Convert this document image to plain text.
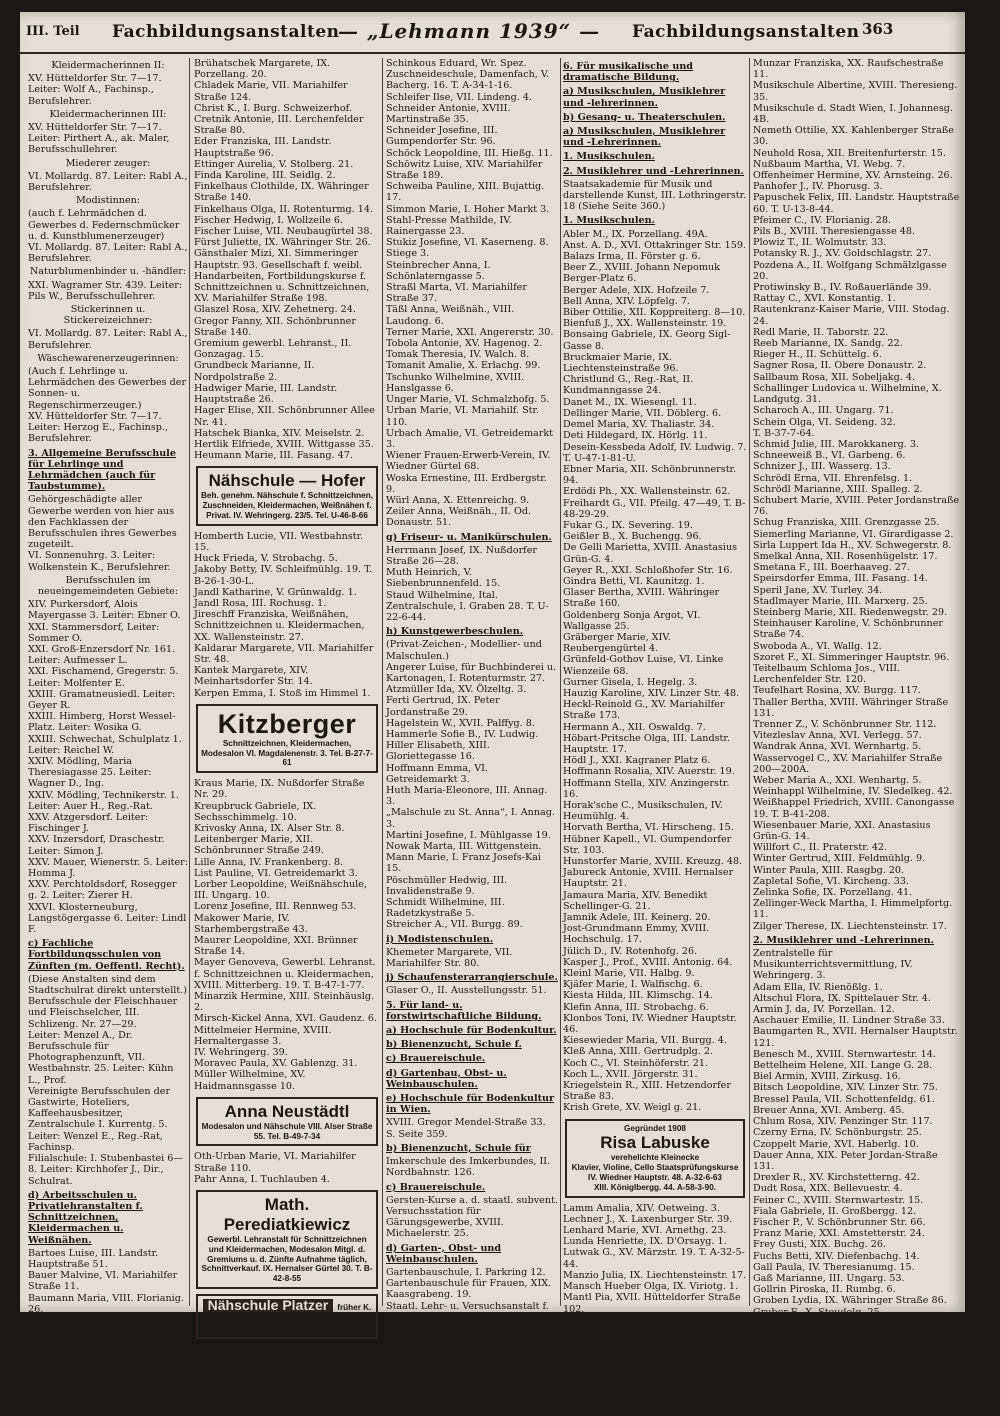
III. Teil Fachbildungsanstalten
— „Lehmann 1939“ — Fachbildungsanstalten 363

Kleidermacherinnen II:

XV. Hütteldorfer Str. 7—17. Leiter: Wolf A., Fachinsp., Berufslehrer.

Kleidermacherinnen III:

XV. Hütteldorfer Str. 7—17. Leiter: Pirthert A., ak. Maler, Berufsschullehrer.

Miederer zeuger:

VI. Mollardg. 87. Leiter: Rabl A., Berufslehrer.

Modistinnen:

(auch f. Lehrmädchen d. Gewerbes d. Federnschmücker u. d. Kunstblumenerzeuger)

VI. Mollardg. 87. Leiter: Rabl A., Berufslehrer.

Naturblumenbinder u. -händler:

XXI. Wagramer Str. 439. Leiter: Pils W., Berufsschullehrer.

Stickerinnen u. Stickereizeichner:

VI. Mollardg. 87. Leiter: Rabl A., Berufslehrer.

Wäschewarenerzeugerinnen:

(Auch f. Lehrlinge u. Lehrmädchen des Gewerbes der Sonnen- u. Regenschirmerzeuger.)

XV. Hütteldorfer Str. 7—17. Leiter: Herzog E., Fachinsp., Berufslehrer.

3. Allgemeine Berufsschule für Lehrlinge und Lehrmädchen (auch für Taubstumme).

Gehörgeschädigte aller Gewerbe werden von hier aus den Fachklassen der Berufsschulen ihres Gewerbes zugeteilt.

VI. Sonnenuhrg. 3. Leiter: Wolkenstein K., Berufslehrer.

Berufsschulen im neueingemeindeten Gebiete:

XIV. Purkersdorf, Alois Mayergasse 3. Leiter: Ebner O.

XXI. Stammersdorf, Leiter: Sommer O.

XXI. Groß-Enzersdorf Nr. 161. Leiter: Aufmesser L.

XXI. Fischamend, Gregerstr. 5. Leiter: Molfenter E.

XXIII. Gramatneusiedl. Leiter: Geyer R.

XXIII. Himberg, Horst Wessel-Platz. Leiter: Wosika G.

XXIII. Schwechat, Schulplatz 1. Leiter: Reichel W.

XXIV. Mödling, Maria Theresiagasse 25. Leiter: Wagner D., Ing.

XXIV. Mödling, Technikerstr. 1. Leiter: Auer H., Reg.-Rat.

XXV. Atzgersdorf. Leiter: Fischinger J.

XXV. Inzersdorf, Draschestr. Leiter: Simon J.

XXV. Mauer, Wienerstr. 5. Leiter: Homma J.

XXV. Perchtoldsdorf, Rosegger g. 2. Leiter: Zierer H.

XXVI. Klosterneuburg, Langstögergasse 6. Leiter: Lindl F.

c) Fachliche Fortbildungsschulen von Zünften (m. Oeffentl. Recht).

(Diese Anstalten sind dem Stadtschulrat direkt unterstellt.)

Berufsschule der Fleischhauer und Fleischselcher, III. Schlizeng. Nr. 27—29.

Leiter: Menzel A., Dr.

Berufsschule für Photographenzunft, VII. Westbahnstr. 25. Leiter: Kühn L., Prof.

Vereinigte Berufsschulen der Gastwirte, Hoteliers, Kaffeehausbesitzer, Zentralschule I. Kurrentg. 5. Leiter: Wenzel E., Reg.-Rat, Fachinsp.

Filialschule: I. Stubenbastei 6—8. Leiter: Kirchhofer J., Dir., Schulrat.

d) Arbeitsschulen u. Privatlehranstalten f. Schnittzeichnen, Kleidermachen u. Weißnähen.

Bartoes Luise, III. Landstr. Hauptstraße 51.

Bauer Malvine, VI. Mariahilfer Straße 11.

Baumann Maria, VIII. Florianig. 26.

Binder Therese, III. Landstr. Hauptstraße 21.

Birnstingl Luise, VI. Linke Wienzeile 4.

Bittner Marianne, IV. Wiedner Hauptstr. 41.

Brenner Emilie, III. Fasang. 53.

Brosch Marie, XIV. Märzstraße 106.

Brühatschek Margarete, IX. Porzellang. 20.

Chladek Marie, VII. Mariahilfer Straße 124.

Christ K., I. Burg. Schweizerhof.

Cretnik Antonie, III. Lerchenfelder Straße 80.

Eder Franziska, III. Landstr. Hauptstraße 96.

Ettinger Aurelia, V. Stolberg. 21.

Finda Karoline, III. Seidlg. 2.

Finkelhaus Clothilde, IX. Währinger Straße 140.

Finkelhaus Olga, II. Rotenturmg. 14.

Fischer Hedwig, I. Wollzeile 6.

Fischer Luise, VII. Neubaugürtel 38.

Fürst Juliette, IX. Währinger Str. 26.

Gänsthaler Mizi, XI. Simmeringer Hauptstr. 93. Gesellschaft f. weibl. Handarbeiten, Fortbildungskurse f. Schnittzeichnen u. Schnittzeichnen, XV. Mariahilfer Straße 198.

Glaszel Rosa, XIV. Zehetnerg. 24.

Gregor Fanny, XII. Schönbrunner Straße 140.

Gremium gewerbl. Lehranst., II. Gonzagag. 15.

Grundbeck Marianne, II. Nordpolstraße 2.

Hadwiger Marie, III. Landstr. Hauptstraße 26.

Hager Elise, XII. Schönbrunner Allee Nr. 41.

Hatschek Bianka, XIV. Meiselstr. 2.

Hertlik Elfriede, XVIII. Wittgasse 35.

Heumann Marie, III. Fasang. 47.

Nähschule — Hofer
Beh. genehm. Nähschule f. Schnittzeichnen, Zuschneiden, Kleidermachen, Weißnähen f. Privat. IV. Wehringerg. 23/5. Tel. U-46-8-66

Homberth Lucie, VII. Westbahnstr. 15.

Huck Frieda, V. Strobachg. 5.

Jakoby Betty, IV. Schleifmühlg. 19. T. B-26-1-30-L.

Jandl Katharine, V. Grünwaldg. 1.

Jandl Rosa, III. Rochusg. 1.

Jireschff Franziska, Weißnähen, Schnittzeichnen u. Kleidermachen, XX. Wallensteinstr. 27.

Kaldarar Margarete, VII. Mariahilfer Str. 48.

Kantek Margarete, XIV. Meinhartsdorfer Str. 14.

Kerpen Emma, I. Stoß im Himmel 1.

Kitzberger
Schnittzeichnen, Kleidermachen, Modesalon VI. Magdalenenstr. 3. Tel. B-27-7-61

Kraus Marie, IX. Nußdorfer Straße Nr. 29.

Kreupbruck Gabriele, IX. Sechsschimmelg. 10.

Krivosky Anna, IX. Alser Str. 8.

Leitenberger Marie, XII. Schönbrunner Straße 249.

Lille Anna, IV. Frankenberg. 8.

List Pauline, VI. Getreidemarkt 3.

Lorber Leopoldine, Weißnähschule, III. Ungarg. 10.

Lorenz Josefine, III. Rennweg 53.

Makower Marie, IV. Starhembergstraße 43.

Maurer Leopoldine, XXI. Brünner Straße 14.

Mayer Genoveva, Gewerbl. Lehranst. f. Schnittzeichnen u. Kleidermachen, XVIII. Mitterberg. 19. T. B-47-1-77.

Minarzik Hermine, XIII. Steinhäuslg. 2.

Mirsch-Kickel Anna, XVI. Gaudenz. 6.

Mittelmeier Hermine, XVIII. Hernaltergasse 3.

IV. Wehringerg. 39.

Moravec Paula, XV. Gablenzg. 31.

Müller Wilhelmine, XV. Haidmannsgasse 10.

Anna Neustädtl
Modesalon und Nähschule VIII. Alser Straße 55. Tel. B-49-7-34

Oth-Urban Marie, VI. Mariahilfer Straße 110.

Pahr Anna, I. Tuchlauben 4.

Math. Perediatkiewicz
Gewerbl. Lehranstalt für Schnittzeichnen und Kleidermachen, Modesalon Mitgl. d. Gremiums u. d. Zünfte Aufnahme täglich, Schnittverkauf. IX. Hernalser Gürtel 30. T. B-42-8-55
Nähschule Platzer früher K. Muscheck
IX. Sechsschimmelg. 7. Tür 11 u. 13

Riedl Mizi, XIII. Nisselg. 8.

Salomon Mathilde, XVIII. Ladenburggasse 48.

Scheichenbauer Franzi, VII. Schottenfeld. 75A.

Schinkous Eduard, Wr. Spez. Zuschneideschule, Damenfach, V. Bacherg. 16. T. A-34-1-16.

Schleifer Ilse, VII. Lindeng. 4.

Schneider Antonie, XVIII. Martinstraße 35.

Schneider Josefine, III. Gumpendorfer Str. 96.

Schöck Leopoldine, III. Hießg. 11.

Schöwitz Luise, XIV. Mariahilfer Straße 189.

Schweiba Pauline, XIII. Bujattig. 17.

Simmon Marie, I. Hoher Markt 3.

Stahl-Presse Mathilde, IV. Rainergasse 23.

Stukiz Josefine, VI. Kaserneng. 8.

Stiege 3.

Steinbrecher Anna, I. Schönlaterngasse 5.

Straßl Marta, VI. Mariahilfer Straße 37.

Täßl Anna, Weißnäh., VIII. Laudong. 6.

Terner Marie, XXI. Angererstr. 30.

Tobola Antonie, XV. Hagenog. 2.

Tomak Theresia, IV. Walch. 8.

Tomanit Amalie, X. Erlachg. 99.

Tschunko Wilhelmine, XVIII. Hanslgasse 6.

Unger Marie, VI. Schmalzhofg. 5.

Urban Marie, VI. Mariahilf. Str. 110.

Urbach Amalie, VI. Getreidemarkt 3.

Wiener Frauen-Erwerb-Verein, IV. Wiedner Gürtel 68.

Woska Ernestine, III. Erdbergstr. 9.

Würl Anna, X. Ettenreichg. 9.

Zeiler Anna, Weißnäh., II. Od. Donaustr. 51.

g) Friseur- u. Manikürschulen.

Herrmann Josef, IX. Nußdorfer Straße 26—28.

Muth Heinrich, V. Siebenbrunnenfeld. 15.

Staud Wilhelmine, Ital. Zentralschule, I. Graben 28. T. U-22-6-44.

h) Kunstgewerbeschulen.

(Privat-Zeichen-, Modellier- und Malschulen.)

Angerer Luise, für Buchbinderei u. Kartonagen, I. Rotenturmstr. 27.

Atzmüller Ida, XV. Ölzeltg. 3.

Ferti Gertrud, IX. Peter Jordanstraße 29.

Hagelstein W., XVII. Palffyg. 8.

Hammerle Sofie B., IV. Ludwig.

Hiller Elisabeth, XIII. Gloriettegasse 16.

Hoffmann Emma, VI. Getreidemarkt 3.

Huth Maria-Eleonore, III. Annag. 3.

„Malschule zu St. Anna“, I. Annag. 3.

Martini Josefine, I. Mühlgasse 19.

Nowak Marta, III. Wittgenstein.

Mann Marie, I. Franz Josefs-Kai 15.

Pöschmüller Hedwig, III. Invalidenstraße 9.

Schmidt Wilhelmine, III. Radetzkystraße 5.

Streicher A., VII. Burgg. 89.

i) Modistenschulen.

Khemeter Margarete, VII. Mariahilfer Str. 80.

j) Schaufensterarrangierschule.

Glaser O., II. Ausstellungsstr. 51.

5. Für land- u. forstwirtschaftliche Bildung.

a) Hochschule für Bodenkultur.

b) Bienenzucht, Schule f.

c) Brauereischule.

d) Gartenbau, Obst- u. Weinbauschulen.

e) Hochschule für Bodenkultur in Wien.

XVIII. Gregor Mendel-Straße 33.

S. Seite 359.

b) Bienenzucht, Schule für

Imkerschule des Imkerbundes, II. Nordbahnstr. 126.

c) Brauereischule.

Gersten-Kurse a. d. staatl. subvent. Versuchsstation für Gärungsgewerbe, XVIII. Michaelerstr. 25.

d) Garten-, Obst- und Weinbauschulen.

Gartenbauschule, I. Parkring 12.

Gartenbauschule für Frauen, XIX. Kaasgrabeng. 19.

Staatl. Lehr- u. Versuchsanstalt f. Gartenbau, XII. Hetzendorfer Str. 79.

6. Für musikalische und dramatische Bildung.

a) Musikschulen, Musiklehrer und -lehrerinnen.

b) Gesang- u. Theaterschulen.

a) Musikschulen, Musiklehrer und -Lehrerinnen.

1. Musikschulen.

2. Musiklehrer und -Lehrerinnen.

Staatsakademie für Musik und darstellende Kunst, III. Lothringerstr. 18 (Siehe Seite 360.)

1. Musikschulen.

Abler M., IX. Porzellang. 49A.

Anst. A. D., XVI. Ottakringer Str. 159.

Balazs Irma, II. Förster g. 6.

Beer Z., XVIII. Johann Nepomuk Berger-Platz 6.

Berger Adele, XIX. Hofzeile 7.

Bell Anna, XIV. Löpfelg. 7.

Biber Ottilie, XII. Koppreiterg. 8—10.

Bienfuß J., XX. Wallensteinstr. 19.

Bonsaing Gabriele, IX. Georg Sigl-Gasse 8.

Bruckmaier Marie, IX. Liechtensteinstraße 96.

Christlund G., Reg.-Rat, II. Kundmanngasse 24.

Danet M., IX. Wiesengl. 11.

Dellinger Marie, VII. Döblerg. 6.

Demel Maria, XV. Thaliastr. 34.

Deti Hildegard, IX. Hörlg. 11.

Desein-Kessbeda Adolf, IV. Ludwig. 7. T. U-47-1-81-U.

Ebner Maria, XII. Schönbrunnerstr. 94.

Erdödi Ph., XX. Wallensteinstr. 62.

Freihardt G., VII. Pfeilg. 47—49, T. B-48-29-29.

Fukar G., IX. Severing. 19.

Geißler B., X. Buchengg. 96.

De Gelli Marietta, XVIII. Anastasius Grün-G. 4.

Geyer R., XXI. Schloßhofer Str. 16.

Gindra Betti, VI. Kaunitzg. 1.

Glaser Bertha, XVIII. Währinger Straße 160.

Goldenberg Sonja Argot, VI. Wallgasse 25.

Gräberger Marie, XIV. Reubergengürtel 4.

Grünfeld-Gothov Luise, VI. Linke Wienzeile 68.

Gurner Gisela, I. Hegelg. 3.

Hauzig Karoline, XIV. Linzer Str. 48.

Heckl-Reinold G., XV. Mariahilfer Straße 173.

Hermann A., XII. Oswaldg. 7.

Höbart-Pritsche Olga, III. Landstr. Hauptstr. 17.

Hödl J., XXI. Kagraner Platz 6.

Hoffmann Rosalia, XIV. Auerstr. 19.

Hoffmann Stella, XIV. Anzingerstr. 16.

Horak'sche C., Musikschulen, IV. Heumühlg. 4.

Horvath Bertha, VI. Hirscheng. 15.

Hübner Kapell., VI. Gumpendorfer Str. 103.

Hunstorfer Marie, XVIII. Kreuzg. 48.

Jabureck Antonie, XVIII. Hernalser Hauptstr. 21.

Jamaura Maria, XIV. Benedikt Schellinger-G. 21.

Jamnik Adele, III. Keinerg. 20.

Jost-Grundmann Emmy, XVIII. Hochschulg. 17.

Jülich D., IV. Rotenhofg. 26.

Kasper J., Prof., XVIII. Antonig. 64.

Kleinl Marie, VII. Halbg. 9.

Kjäfer Marie, I. Walfischg. 6.

Kiesta Hilda, III. Klimschg. 14.

Klefin Anna, III. Strobachg. 6.

Klonbos Toni, IV. Wiedner Hauptstr. 46.

Kiesewieder Maria, VII. Burgg. 4.

Kleß Anna, XIII. Gertrudplg. 2.

Koch C., VI. Steinhöferstr. 21.

Koch L., XVII. Jörgerstr. 31.

Kriegelstein R., XIII. Hetzendorfer Straße 83.

Krish Grete, XV. Weigl g. 21.

Gegründet 1908
Risa Labuske
verehelichte Kleinecke
Klavier, Violine, Cello Staatsprüfungskurse
IV. Wiedner Hauptstr. 48. A-32-6-63
XIII. Königlbergg. 44. A-58-3-90.

Lamm Amalia, XIV. Oetweing. 3.

Lechner J., X. Laxenburger Str. 39.

Lenhard Marie, XVI. Arnethg. 23.

Lunda Henriette, IX. D'Orsayg. 1.

Lutwak G., XV. Märzstr. 19. T. A-32-5-44.

Manzio Julia, IX. Liechtensteinstr. 17.

Mansch Hueber Olga, IX. Viriotg. 1.

Mantl Pia, XVII. Hütteldorfer Straße 102.

Märzen G., I. Tuchlauben 17.

Marx Antonie, XIII. Altg. 11.

Miloch F., Prof., XX. Raufschestr. 14.

Mojetity Josefine, XIII. Theresiengasse 67.

Mühler Johanna, II. Kundmanng. 34.

Munzar Franziska, XX. Raufschestraße 11.

Musikschule Albertine, XVIII. Theresieng. 35.

Musikschule d. Stadt Wien, I. Johannesg. 4B.

Nemeth Ottilie, XX. Kahlenberger Straße 30.

Neuhold Rosa, XII. Breitenfurterstr. 15.

Nußbaum Martha, VI. Webg. 7.

Offenheimer Hermine, XV. Arnsteing. 26.

Panhofer J., IV. Phorusg. 3.

Papuschek Felix, III. Landstr. Hauptstraße 60. T. U-13-8-44.

Pfeimer C., IV. Florianig. 28.

Pils B., XVIII. Theresiengasse 48.

Plowiz T., II. Wolmutstr. 33.

Potansky R. J., XV. Goldschlagstr. 27.

Pozdena A., II. Wolfgang Schmälzlgasse 20.

Protiwinsky B., IV. Roßauerlände 39.

Rattay C., XVI. Konstantig. 1.

Rautenkranz-Kaiser Marie, VIII. Stodag. 24.

Redl Marie, II. Taborstr. 22.

Reeb Marianne, IX. Sandg. 22.

Rieger H., II. Schüttelg. 6.

Sagner Rosa, II. Obere Donaustr. 2.

Sallbaum Rosa, XII. Sobeljakg. 4.

Schallinger Ludovica u. Wilhelmine, X. Landgutg. 31.

Scharoch A., III. Ungarg. 71.

Schein Olga, VI. Seideng. 32.

T. B-37-7-64.

Schmid Julie, III. Marokkanerg. 3.

Schneeweiß B., VI. Garbeng. 6.

Schnizer J., III. Wasserg. 13.

Schrödl Erna, VII. Ehrenfelsg. 1.

Schrödl Marianne, XIII. Spalleg. 2.

Schubert Marie, XVIII. Peter Jordanstraße 76.

Schug Franziska, XIII. Grenzgasse 25.

Siemerling Marianne, VI. Girardigasse 2.

Sirla Luppert Ida H., XV. Schwegerstr. 8.

Smelkal Anna, XII. Rosenhügelstr. 17.

Smetana F., III. Boerhaaveg. 27.

Speirsdorfer Emma, III. Fasang. 14.

Speril Jane, XV. Turley. 34.

Stadlmayer Marie, III. Marxerg. 25.

Steinberg Marie, XII. Riedenwegstr. 29.

Steinhauser Karoline, V. Schönbrunner Straße 74.

Swoboda A., VI. Wallg. 12.

Szoret F., XI. Simmeringer Hauptstr. 96.

Teitelbaum Schloma Jos., VIII. Lerchenfelder Str. 120.

Teufelhart Rosina, XV. Burgg. 117.

Thaller Bertha, XVIII. Währinger Straße 131.

Trenner Z., V. Schönbrunner Str. 112.

Vitezleslav Anna, XVI. Verlegg. 57.

Wandrak Anna, XVI. Wernhartg. 5.

Wasservogel C., XV. Mariahilfer Straße 200—200A.

Weber Maria A., XXI. Wenhartg. 5.

Weinhappl Wilhelmine, IV. Sledelkeg. 42.

Weißhappel Friedrich, XVIII. Canongasse 19. T. B-41-208.

Wiesenbauer Marie, XXI. Anastasius Grün-G. 14.

Willfort C., II. Praterstr. 42.

Winter Gertrud, XIII. Feldmühlg. 9.

Winter Paula, XIII. Rasgbg. 20.

Zapletal Sofie, VI. Kircheng. 33.

Zelinka Sofie, IX. Porzellang. 41.

Zellinger-Weck Martha, I. Himmelpfortg. 11.

Zilger Therese, IX. Liechtensteinstr. 17.

2. Musiklehrer und -Lehrerinnen.

Zentralstelle für Musikunterrichtsvermittlung, IV. Wehringerg. 3.

Adam Ella, IV. Rienößlg. 1.

Altschul Flora, IX. Spittelauer Str. 4.

Armin J. da, IV. Porzellan. 12.

Aschauer Emilie, II. Lindner Straße 33.

Baumgarten R., XVII. Hernalser Hauptstr. 121.

Benesch M., XVIII. Sternwartestr. 14.

Bettelheim Helene, XII. Lange G. 28.

Biel Armin, XVIII. Zirkusg. 16.

Bitsch Leopoldine, XIV. Linzer Str. 75.

Bressel Paula, VII. Schottenfeldg. 61.

Breuer Anna, XVI. Amberg. 45.

Chlum Rosa, XIV. Penzinger Str. 117.

Czerny Erna, IV. Schönburgstr. 25.

Czoppelt Marie, XVI. Haberlg. 10.

Dauer Anna, XIX. Peter Jordan-Straße 131.

Drexler R., XV. Kirchstetterng. 42.

Dudt Rosa, XIX. Bellevuestr. 4.

Feiner C., XVIII. Sternwartestr. 15.

Fiala Gabriele, II. Großbergg. 12.

Fischer P., V. Schönbrunner Str. 66.

Franz Marie, XXI. Amstetterstr. 24.

Frey Gusti, XIX. Buchg. 26.

Fuchs Betti, XIV. Diefenbachg. 14.

Gall Paula, IV. Theresianumg. 15.

Gaß Marianne, III. Ungarg. 53.

Gollrin Piroska, II. Rumbg. 6.

Groben Lydia, IX. Währinger Straße 86.

Gruber F., X. Steudelg. 25.

Günzburg A., VI. Mariahilfer Str. 8.

Hammerschmid Berta, VI. Grabnergasse 12.

Herz-Leitgeb Paula, IX. Hörlg. 16.
